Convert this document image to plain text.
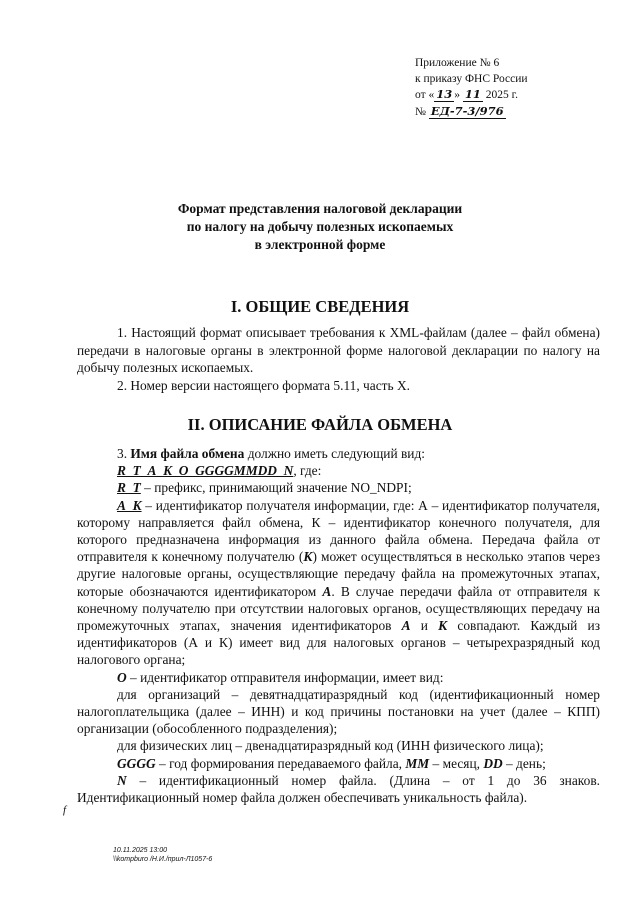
Приложение № 6
к приказу ФНС России
от « 13 » 11 2025 г.
№ ЕД-7-3/976
Формат представления налоговой декларации
по налогу на добычу полезных ископаемых
в электронной форме
I. ОБЩИЕ СВЕДЕНИЯ

1. Настоящий формат описывает требования к XML-файлам (далее – файл обмена) передачи в налоговые органы в электронной форме налоговой декларации по налогу на добычу полезных ископаемых.

2. Номер версии настоящего формата 5.11, часть X.

II. ОПИСАНИЕ ФАЙЛА ОБМЕНА

3. Имя файла обмена должно иметь следующий вид:

R_T_A_K_O_GGGGMMDD_N, где:

R_T – префикс, принимающий значение NO_NDPI;

A_K – идентификатор получателя информации, где: А – идентификатор получателя, которому направляется файл обмена, К – идентификатор конечного получателя, для которого предназначена информация из данного файла обмена. Передача файла от отправителя к конечному получателю (К) может осуществляться в несколько этапов через другие налоговые органы, осуществляющие передачу файла на промежуточных этапах, которые обозначаются идентификатором А. В случае передачи файла от отправителя к конечному получателю при отсутствии налоговых органов, осуществляющих передачу на промежуточных этапах, значения идентификаторов А и К совпадают. Каждый из идентификаторов (А и К) имеет вид для налоговых органов – четырехразрядный код налогового органа;

O – идентификатор отправителя информации, имеет вид:

для организаций – девятнадцатиразрядный код (идентификационный номер налогоплательщика (далее – ИНН) и код причины постановки на учет (далее – КПП) организации (обособленного подразделения);

для физических лиц – двенадцатиразрядный код (ИНН физического лица);

GGGG – год формирования передаваемого файла, MM – месяц, DD – день;

N – идентификационный номер файла. (Длина – от 1 до 36 знаков. Идентификационный номер файла должен обеспечивать уникальность файла).

f
10.11.2025 13:00
\\kompburo /Н.И./прил-Л1057-6
